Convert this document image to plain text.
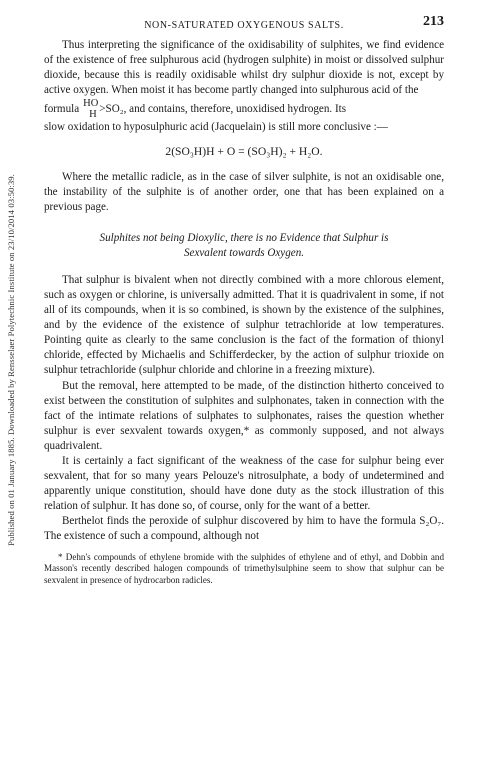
Published on 01 January 1885. Downloaded by Rensselaer Polytechnic Institute on 23/10/2014 03:50:39.
NON-SATURATED OXYGENOUS SALTS.	213

Thus interpreting the significance of the oxidisability of sulphites, we find evidence of the existence of free sulphurous acid (hydrogen sulphite) in moist or dissolved sulphur dioxide, because this is readily oxidisable whilst dry sulphur dioxide is not, except by active oxygen. When moist it has become partly changed into sulphurous acid of the

formula HO
H
>SO₂, and contains, therefore, unoxidised hydrogen. Its

slow oxidation to hyposulphuric acid (Jacquelain) is still more conclusive :—

2(SO₃H)H + O = (SO₃H)₂ + H₂O.

Where the metallic radicle, as in the case of silver sulphite, is not an oxidisable one, the instability of the sulphite is of another order, one that has been explained on a previous page.

Sulphites not being Dioxylic, there is no Evidence that Sulphur is
Sexvalent towards Oxygen.

That sulphur is bivalent when not directly combined with a more chlorous element, such as oxygen or chlorine, is universally admitted. That it is quadrivalent in some, if not all of its compounds, when it is so combined, is shown by the existence of the sulphines, and by the evidence of the existence of sulphur tetrachloride at low temperatures. Pointing quite as clearly to the same conclusion is the fact of the formation of thionyl chloride, effected by Michaelis and Schifferdecker, by the action of sulphur trioxide on sulphur tetrachloride (sulphur chloride and chlorine in a freezing mixture).

But the removal, here attempted to be made, of the distinction hitherto conceived to exist between the constitution of sulphites and sulphonates, taken in connection with the fact of the intimate relations of sulphates to sulphonates, raises the question whether sulphur is ever sexvalent towards oxygen,* as commonly supposed, and not always quadrivalent.

It is certainly a fact significant of the weakness of the case for sulphur being ever sexvalent, that for so many years Pelouze's nitrosulphate, a body of undetermined and apparently unique constitution, should have done duty as the stock illustration of this relation of sulphur. It has done so, of course, only for the want of a better.

Berthelot finds the peroxide of sulphur discovered by him to have the formula S₂O₇. The existence of such a compound, although not

* Dehn's compounds of ethylene bromide with the sulphides of ethylene and of ethyl, and Dobbin and Masson's recently described halogen compounds of trimethylsulphine seem to show that sulphur can be sexvalent in presence of hydrocarbon radicles.
